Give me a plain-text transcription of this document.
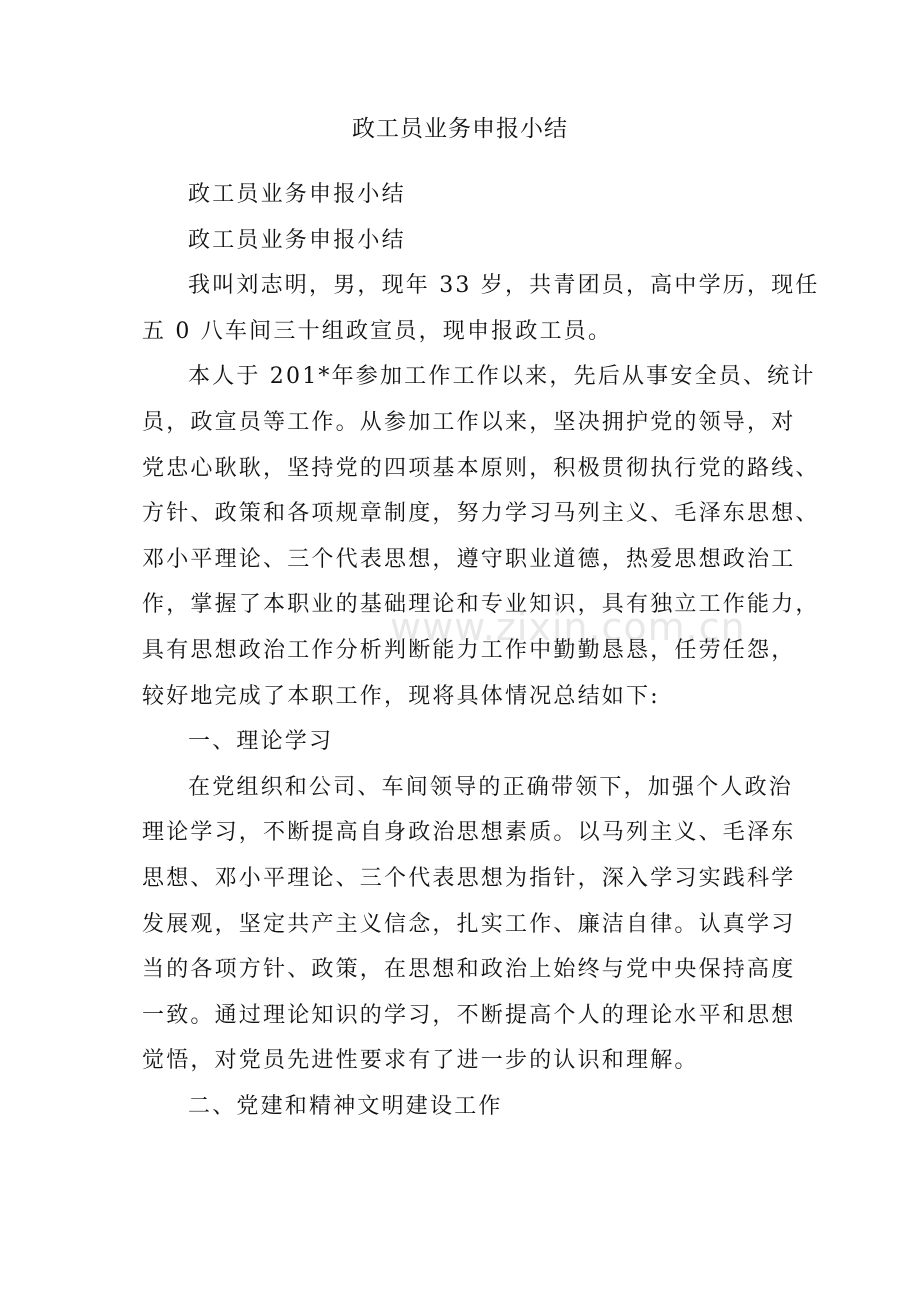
www.zixin.com.cn
政工员业务申报小结
政工员业务申报小结
政工员业务申报小结
我叫刘志明，男，现年 33 岁，共青团员，高中学历，现任
五 0 八车间三十组政宣员，现申报政工员。
本人于 201*年参加工作工作以来，先后从事安全员、统计
员，政宣员等工作。从参加工作以来，坚决拥护党的领导，对
党忠心耿耿，坚持党的四项基本原则，积极贯彻执行党的路线、
方针、政策和各项规章制度，努力学习马列主义、毛泽东思想、
邓小平理论、三个代表思想，遵守职业道德，热爱思想政治工
作，掌握了本职业的基础理论和专业知识，具有独立工作能力，
具有思想政治工作分析判断能力工作中勤勤恳恳，任劳任怨，
较好地完成了本职工作，现将具体情况总结如下:
一、理论学习
在党组织和公司、车间领导的正确带领下，加强个人政治
理论学习，不断提高自身政治思想素质。以马列主义、毛泽东
思想、邓小平理论、三个代表思想为指针，深入学习实践科学
发展观，坚定共产主义信念，扎实工作、廉洁自律。认真学习
当的各项方针、政策，在思想和政治上始终与党中央保持高度
一致。通过理论知识的学习，不断提高个人的理论水平和思想
觉悟，对党员先进性要求有了进一步的认识和理解。
二、党建和精神文明建设工作
